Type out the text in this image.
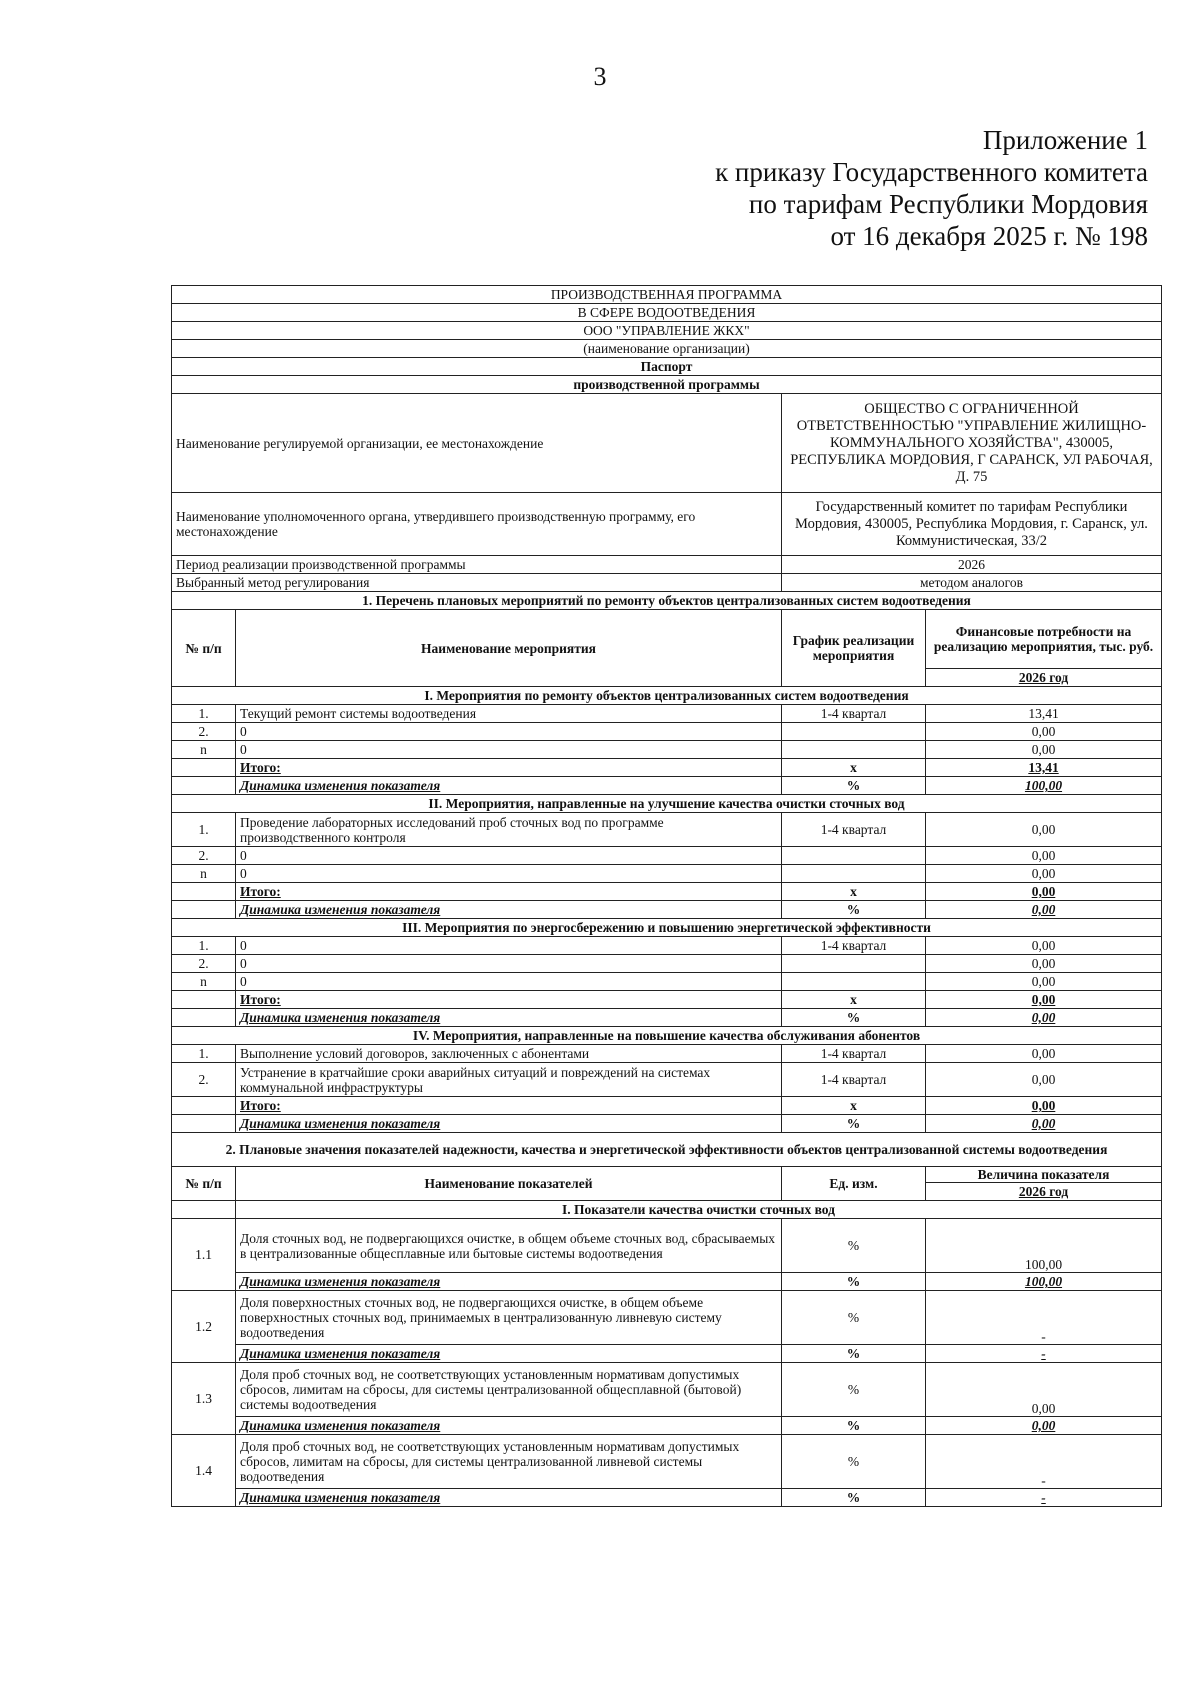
3
Приложение 1
к приказу Государственного комитета
по тарифам Республики Мордовия
от 16 декабря 2025 г. № 198
ПРОИЗВОДСТВЕННАЯ ПРОГРАММА			
В СФЕРЕ ВОДООТВЕДЕНИЯ			
ООО "УПРАВЛЕНИЕ ЖКХ"			
(наименование организации)			
Паспорт			
производственной программы			
Наименование регулируемой организации, ее местонахождение		ОБЩЕСТВО С ОГРАНИЧЕННОЙ ОТВЕТСТВЕННОСТЬЮ "УПРАВЛЕНИЕ ЖИЛИЩНО-КОММУНАЛЬНОГО ХОЗЯЙСТВА", 430005, РЕСПУБЛИКА МОРДОВИЯ, Г САРАНСК, УЛ РАБОЧАЯ, Д. 75	
Наименование уполномоченного органа, утвердившего производственную программу, его местонахождение		Государственный комитет по тарифам Республики Мордовия, 430005, Республика Мордовия, г. Саранск, ул. Коммунистическая, 33/2	
Период реализации производственной программы		2026	
Выбранный метод регулирования		методом аналогов	
1. Перечень плановых мероприятий по ремонту объектов централизованных систем водоотведения			
№ п/п	Наименование мероприятия	График реализации мероприятия	Финансовые потребности на реализацию мероприятия, тыс. руб.
			2026 год
I. Мероприятия по ремонту объектов централизованных систем водоотведения			
1.	Текущий ремонт системы водоотведения	1-4 квартал	13,41
2.	0		0,00
n	0		0,00
	Итого:	х	13,41
	Динамика изменения показателя	%	100,00
II. Мероприятия, направленные на улучшение качества очистки сточных вод			
1.	Проведение лабораторных исследований проб сточных вод по программе производственного контроля	1-4 квартал	0,00
2.	0		0,00
n	0		0,00
	Итого:	х	0,00
	Динамика изменения показателя	%	0,00
III. Мероприятия по энергосбережению и повышению энергетической эффективности			
1.	0	1-4 квартал	0,00
2.	0		0,00
n	0		0,00
	Итого:	х	0,00
	Динамика изменения показателя	%	0,00
IV. Мероприятия, направленные на повышение качества обслуживания абонентов			
1.	Выполнение условий договоров, заключенных с абонентами	1-4 квартал	0,00
2.	Устранение в кратчайшие сроки аварийных ситуаций и повреждений на системах коммунальной инфраструктуры	1-4 квартал	0,00
	Итого:	х	0,00
	Динамика изменения показателя	%	0,00
2. Плановые значения показателей надежности, качества и энергетической эффективности объектов централизованной системы водоотведения			
№ п/п	Наименование показателей	Ед. изм.	Величина показателя
			2026 год
	I. Показатели качества очистки сточных вод		
1.1	Доля сточных вод, не подвергающихся очистке, в общем объеме сточных вод, сбрасываемых в централизованные общесплавные или бытовые системы водоотведения	%	100,00
	Динамика изменения показателя	%	100,00
1.2	Доля поверхностных сточных вод, не подвергающихся очистке, в общем объеме поверхностных сточных вод, принимаемых в централизованную ливневую систему водоотведения	%	-
	Динамика изменения показателя	%	-
1.3	Доля проб сточных вод, не соответствующих установленным нормативам допустимых сбросов, лимитам на сбросы, для системы централизованной общесплавной (бытовой) системы водоотведения	%	0,00
	Динамика изменения показателя	%	0,00
1.4	Доля проб сточных вод, не соответствующих установленным нормативам допустимых сбросов, лимитам на сбросы, для системы централизованной ливневой системы водоотведения	%	-
	Динамика изменения показателя	%	-
